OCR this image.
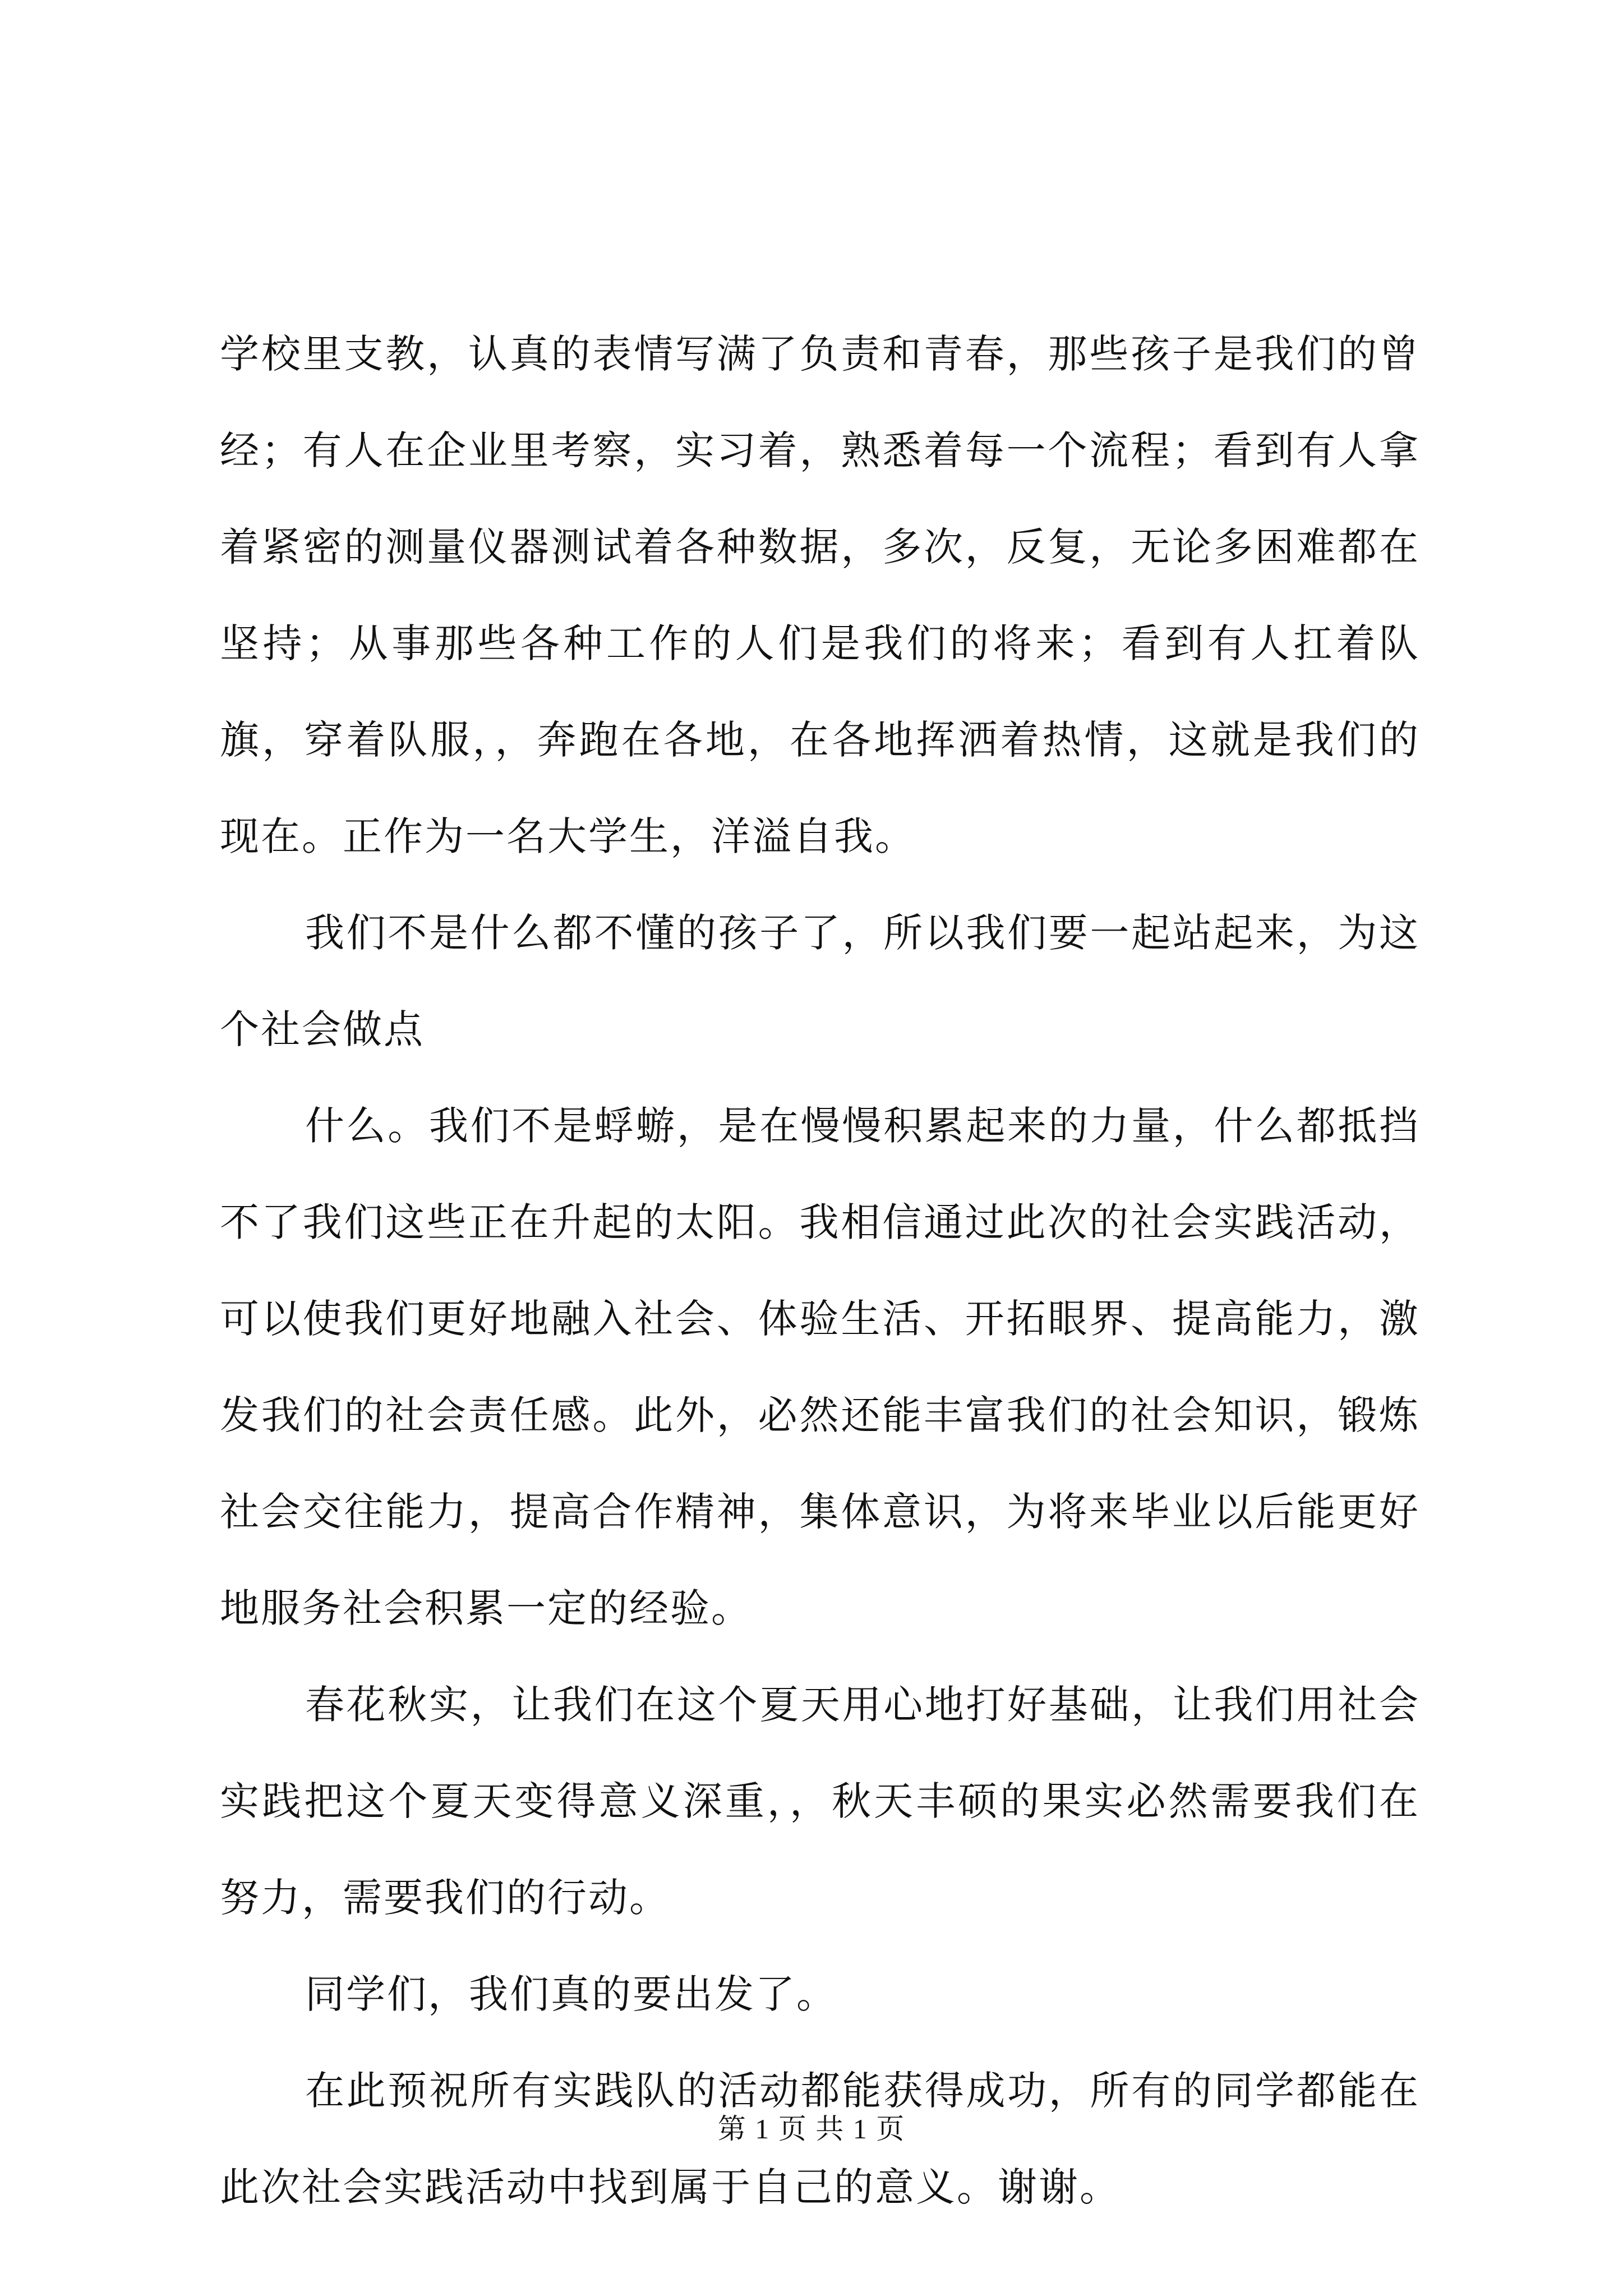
学校里支教，认真的表情写满了负责和青春，那些孩子是我们的曾经；有人在企业里考察，实习着，熟悉着每一个流程；看到有人拿着紧密的测量仪器测试着各种数据，多次，反复，无论多困难都在坚持；从事那些各种工作的人们是我们的将来；看到有人扛着队旗，穿着队服，，奔跑在各地，在各地挥洒着热情，这就是我们的现在。正作为一名大学生，洋溢自我。

我们不是什么都不懂的孩子了，所以我们要一起站起来，为这个社会做点

什么。我们不是蜉蝣，是在慢慢积累起来的力量，什么都抵挡不了我们这些正在升起的太阳。我相信通过此次的社会实践活动，可以使我们更好地融入社会、体验生活、开拓眼界、提高能力，激发我们的社会责任感。此外，必然还能丰富我们的社会知识，锻炼社会交往能力，提高合作精神，集体意识，为将来毕业以后能更好地服务社会积累一定的经验。

春花秋实，让我们在这个夏天用心地打好基础，让我们用社会实践把这个夏天变得意义深重，，秋天丰硕的果实必然需要我们在努力，需要我们的行动。

同学们，我们真的要出发了。

在此预祝所有实践队的活动都能获得成功，所有的同学都能在此次社会实践活动中找到属于自己的意义。谢谢。

第 1 页 共 1 页
